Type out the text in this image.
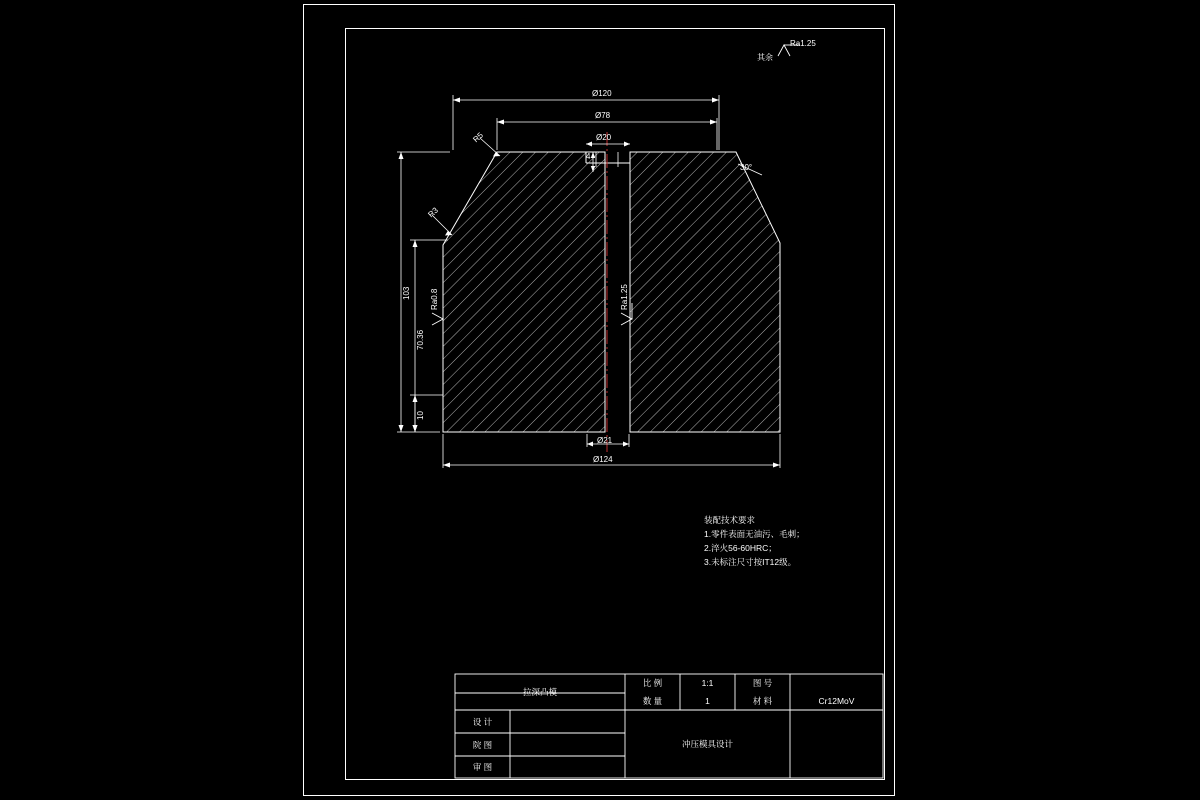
其余
Ra1.25
Ø120
Ø78
Ø20
4
R5
R3
30°
103
70.36
10
Ra0.8	Ra1.25
Ø21
Ø124
装配技术要求
1.零件表面无油污、毛刺；
2.淬火56-60HRC；
3.未标注尺寸按IT12级。
拉深凸模
比 例	1:1	图 号
数 量	1	材 料	Cr12MoV
设 计
院 图
审 图
冲压模具设计
